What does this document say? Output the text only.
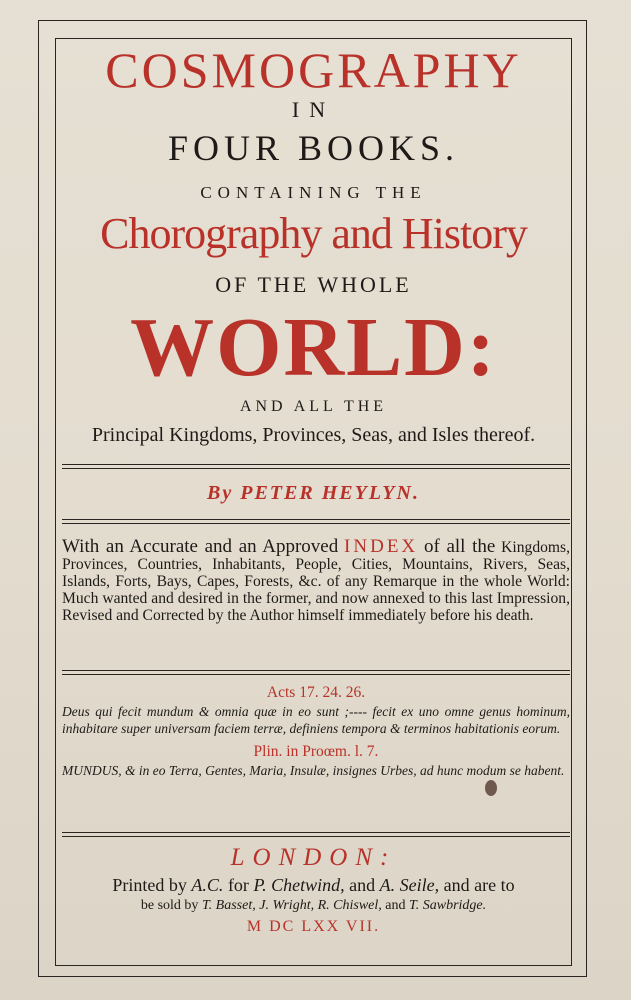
COSMOGRAPHY
IN
FOUR BOOKS.
CONTAINING THE
Chorography and History
OF THE WHOLE
WORLD:
AND ALL THE
Principal Kingdoms, Provinces, Seas, and Isles thereof.
By PETER HEYLYN.
With an Accurate and an Approved INDEX of all the Kingdoms, Provinces, Countries, Inhabitants, People, Cities, Mountains, Rivers, Seas, Islands, Forts, Bays, Capes, Forests, &c. of any Remarque in the whole World: Much wanted and desired in the former, and now annexed to this last Impression, Revised and Corrected by the Author himself immediately before his death.
Acts 17. 24. 26.
Deus qui fecit mundum & omnia quæ in eo sunt ;---- fecit ex uno omne genus hominum, inhabitare super universam faciem terræ, definiens tempora & terminos habitationis eorum.
Plin. in Proœm. l. 7.
MUNDUS, & in eo Terra, Gentes, Maria, Insulæ, insignes Urbes, ad hunc modum se habent.
LONDON:
Printed by A.C. for P. Chetwind, and A. Seile, and are to
be sold by T. Basset, J. Wright, R. Chiswel, and T. Sawbridge.
M DC LXX VII.
